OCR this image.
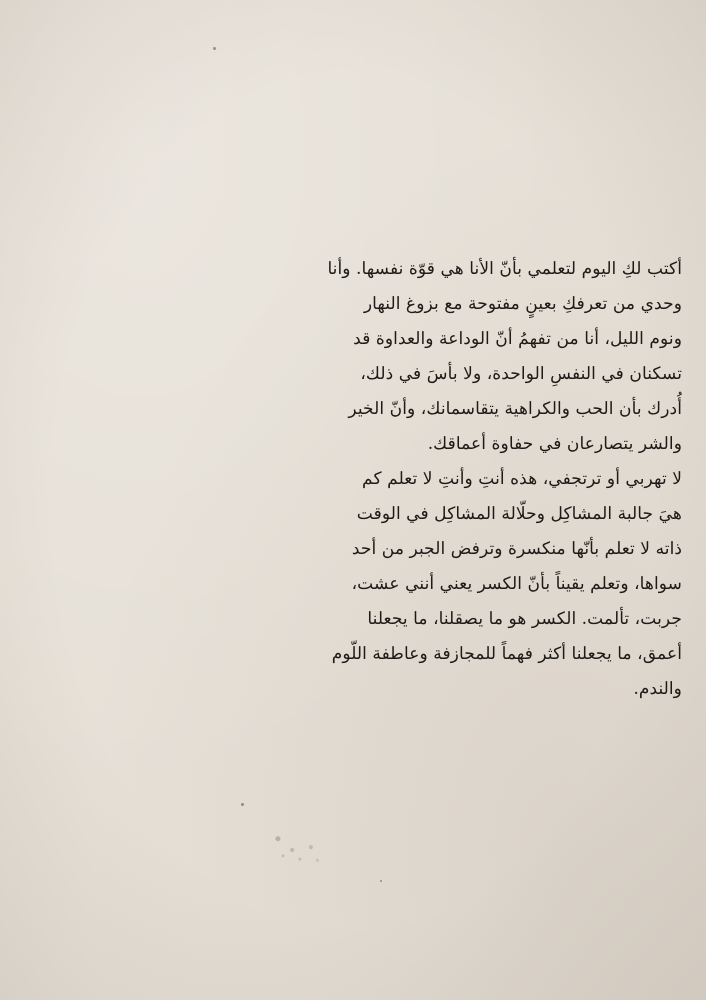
أكتب لكِ اليوم لتعلمي بأنّ الأنا هي قوّة نفسها. وأنا
وحدي من تعرفكِ بعينٍ مفتوحة مع بزوغ النهار
ونوم الليل، أنا من تفهمُ أنّ الوداعة والعداوة قد
تسكنان في النفسِ الواحدة، ولا بأسَ في ذلك،
أُدرك بأن الحب والكراهية يتقاسمانك، وأنّ الخير
والشر يتصارعان في حفاوة أعماقك.
لا تهربي أو ترتجفي، هذه أنتِ وأنتِ لا تعلم كم
هيَ جالبة المشاكِل وحلّالة المشاكِل في الوقت
ذاته لا تعلم بأنّها منكسرة وترفض الجبر من أحد
سواها، وتعلم يقيناً بأنّ الكسر يعني أنني عشت،
جربت، تألمت. الكسر هو ما يصقلنا، ما يجعلنا
أعمق، ما يجعلنا أكثر فهماً للمجازفة وعاطفة اللّوم
والندم.
